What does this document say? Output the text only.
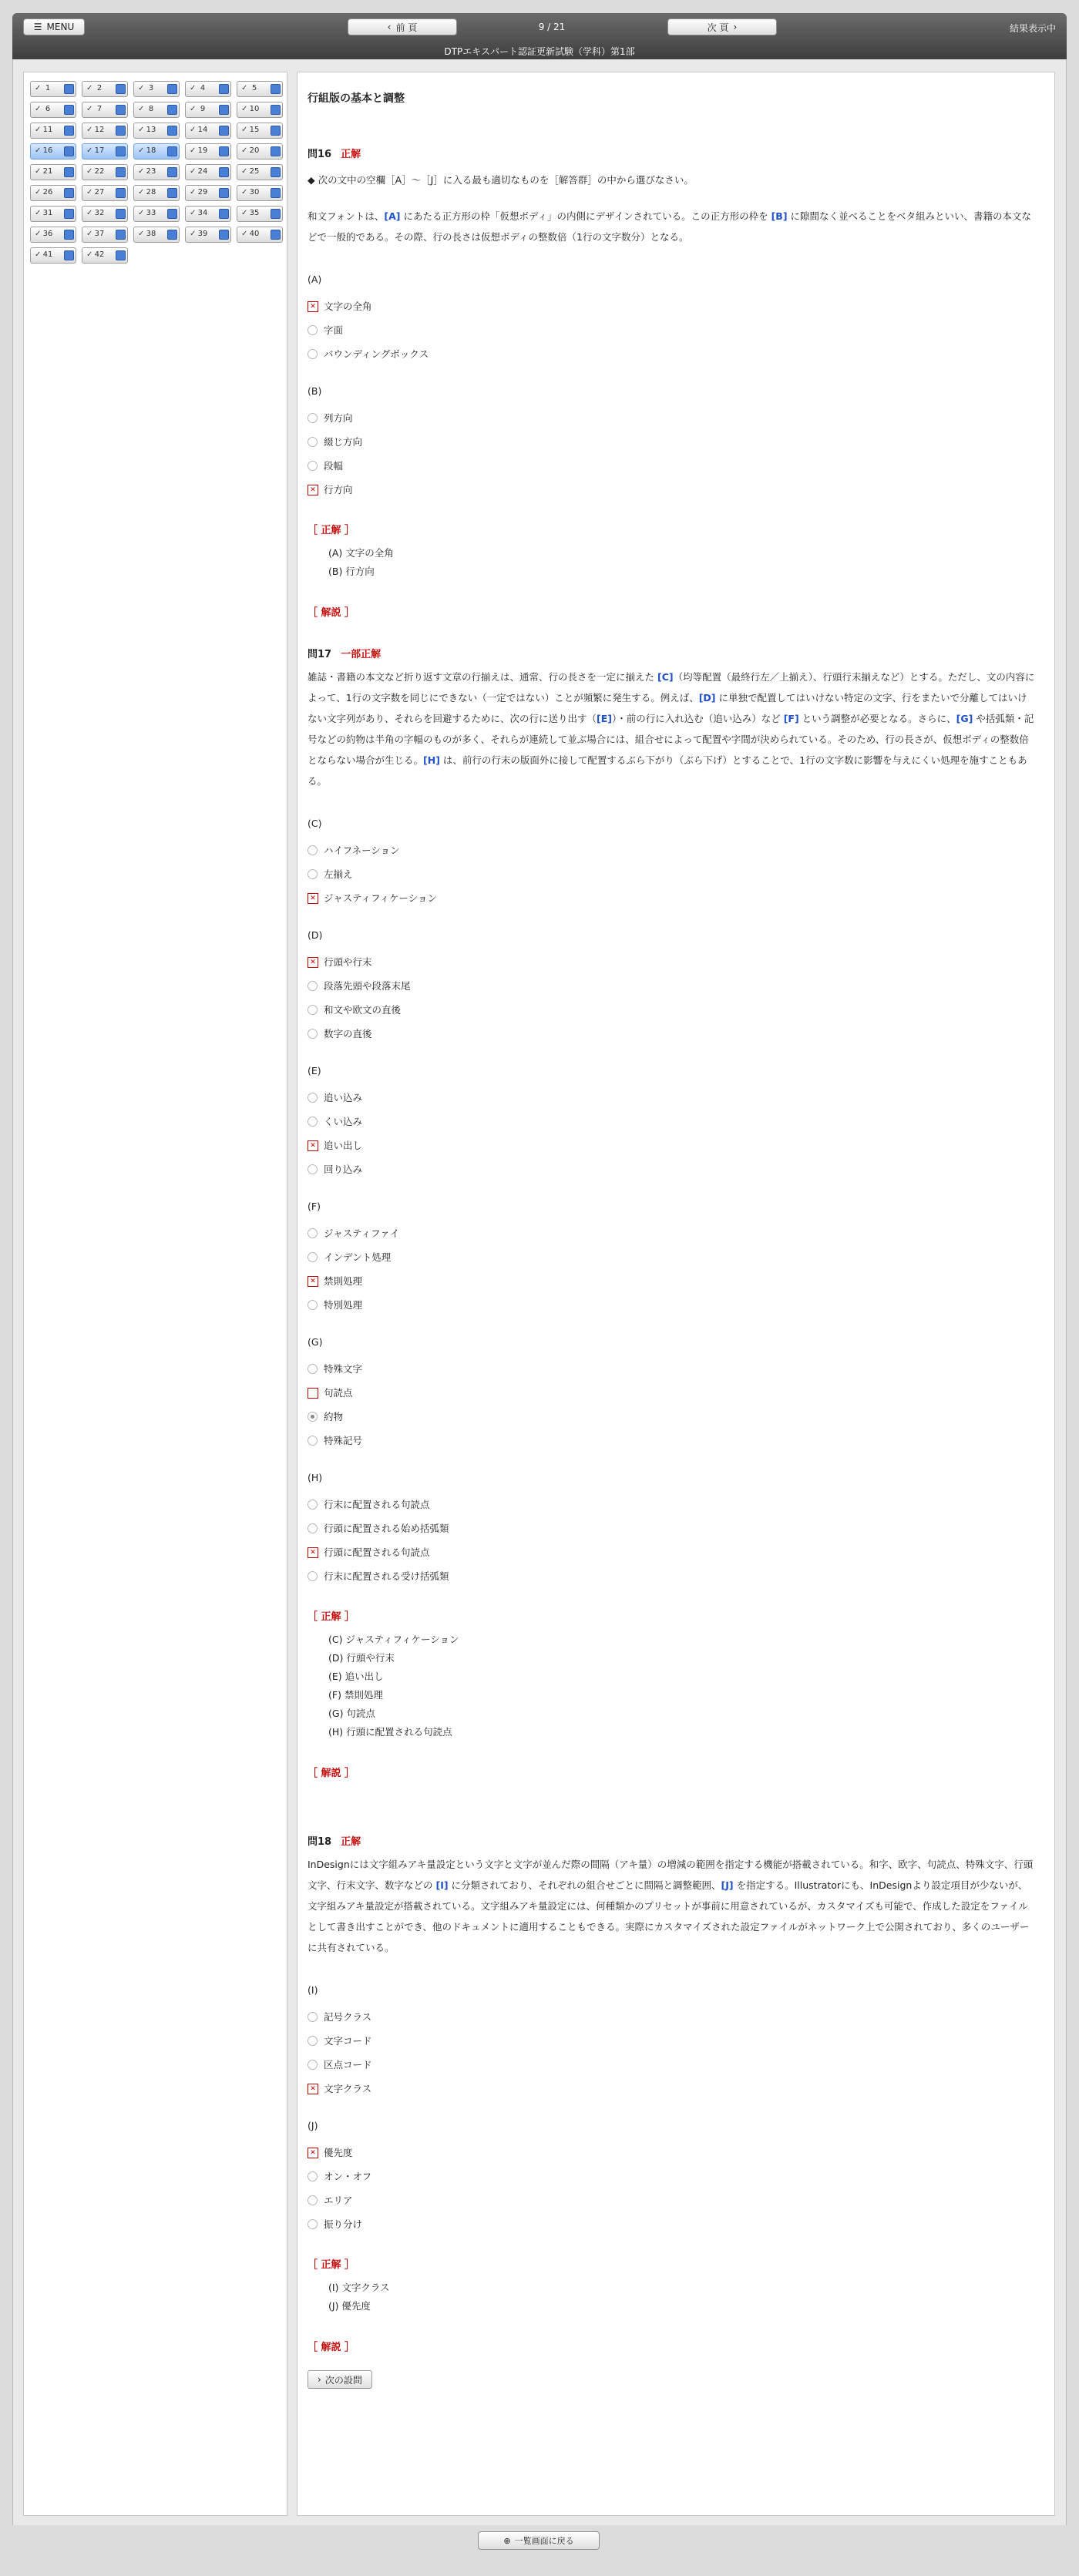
☰ MENU	‹ 前 頁	9 / 21	次 頁 ›	結果表示中
DTPエキスパート認証更新試験（学科）第1部
✓ 1	✓ 2	✓ 3	✓ 4	✓ 5
✓ 6	✓ 7	✓ 8	✓ 9	✓ 10
✓ 11	✓ 12	✓ 13	✓ 14	✓ 15
✓ 16	✓ 17	✓ 18	✓ 19	✓ 20
✓ 21	✓ 22	✓ 23	✓ 24	✓ 25
✓ 26	✓ 27	✓ 28	✓ 29	✓ 30
✓ 31	✓ 32	✓ 33	✓ 34	✓ 35
✓ 36	✓ 37	✓ 38	✓ 39	✓ 40
✓ 41	✓ 42
行組版の基本と調整
問16 正解
◆ 次の文中の空欄［A］〜［J］に入る最も適切なものを［解答群］の中から選びなさい。
和文フォントは、[A] にあたる正方形の枠「仮想ボディ」の内側にデザインされている。この正方形の枠を [B] に隙間なく並べることをベタ組みといい、書籍の本文などで一般的である。その際、行の長さは仮想ボディの整数倍（1行の文字数分）となる。
(A)
✕ 文字の全角
字面
バウンディングボックス
(B)
列方向
綴じ方向
段幅
✕ 行方向
［ 正解 ］
(A) 文字の全角
(B) 行方向
［ 解説 ］
問17 一部正解
雑誌・書籍の本文など折り返す文章の行揃えは、通常、行の長さを一定に揃えた [C]（均等配置（最終行左／上揃え）、行頭行末揃えなど）とする。ただし、文の内容によって、1行の文字数を同じにできない（一定ではない）ことが頻繁に発生する。例えば、[D] に単独で配置してはいけない特定の文字、行をまたいで分離してはいけない文字列があり、それらを回避するために、次の行に送り出す（[E]）・前の行に入れ込む（追い込み）など [F] という調整が必要となる。さらに、[G] や括弧類・記号などの約物は半角の字幅のものが多く、それらが連続して並ぶ場合には、組合せによって配置や字間が決められている。そのため、行の長さが、仮想ボディの整数倍とならない場合が生じる。[H] は、前行の行末の版面外に接して配置するぶら下がり（ぶら下げ）とすることで、1行の文字数に影響を与えにくい処理を施すこともある。
(C)
ハイフネーション
左揃え
✕ ジャスティフィケーション
(D)
✕ 行頭や行末
段落先頭や段落末尾
和文や欧文の直後
数字の直後
(E)
追い込み
くい込み
✕ 追い出し
回り込み
(F)
ジャスティファイ
インデント処理
✕ 禁則処理
特別処理
(G)
特殊文字
句読点
約物
特殊記号
(H)
行末に配置される句読点
行頭に配置される始め括弧類
✕ 行頭に配置される句読点
行末に配置される受け括弧類
［ 正解 ］
(C) ジャスティフィケーション
(D) 行頭や行末
(E) 追い出し
(F) 禁則処理
(G) 句読点
(H) 行頭に配置される句読点
［ 解説 ］
問18 正解
InDesignには文字組みアキ量設定という文字と文字が並んだ際の間隔（アキ量）の増減の範囲を指定する機能が搭載されている。和字、欧字、句読点、特殊文字、行頭文字、行末文字、数字などの [I] に分類されており、それぞれの組合せごとに間隔と調整範囲、[J] を指定する。Illustratorにも、InDesignより設定項目が少ないが、文字組みアキ量設定が搭載されている。文字組みアキ量設定には、何種類かのプリセットが事前に用意されているが、カスタマイズも可能で、作成した設定をファイルとして書き出すことができ、他のドキュメントに適用することもできる。実際にカスタマイズされた設定ファイルがネットワーク上で公開されており、多くのユーザーに共有されている。
(I)
記号クラス
文字コード
区点コード
✕ 文字クラス
(J)
✕ 優先度
オン・オフ
エリア
振り分け
［ 正解 ］
(I) 文字クラス
(J) 優先度
［ 解説 ］
› 次の設問
⊕ 一覧画面に戻る
